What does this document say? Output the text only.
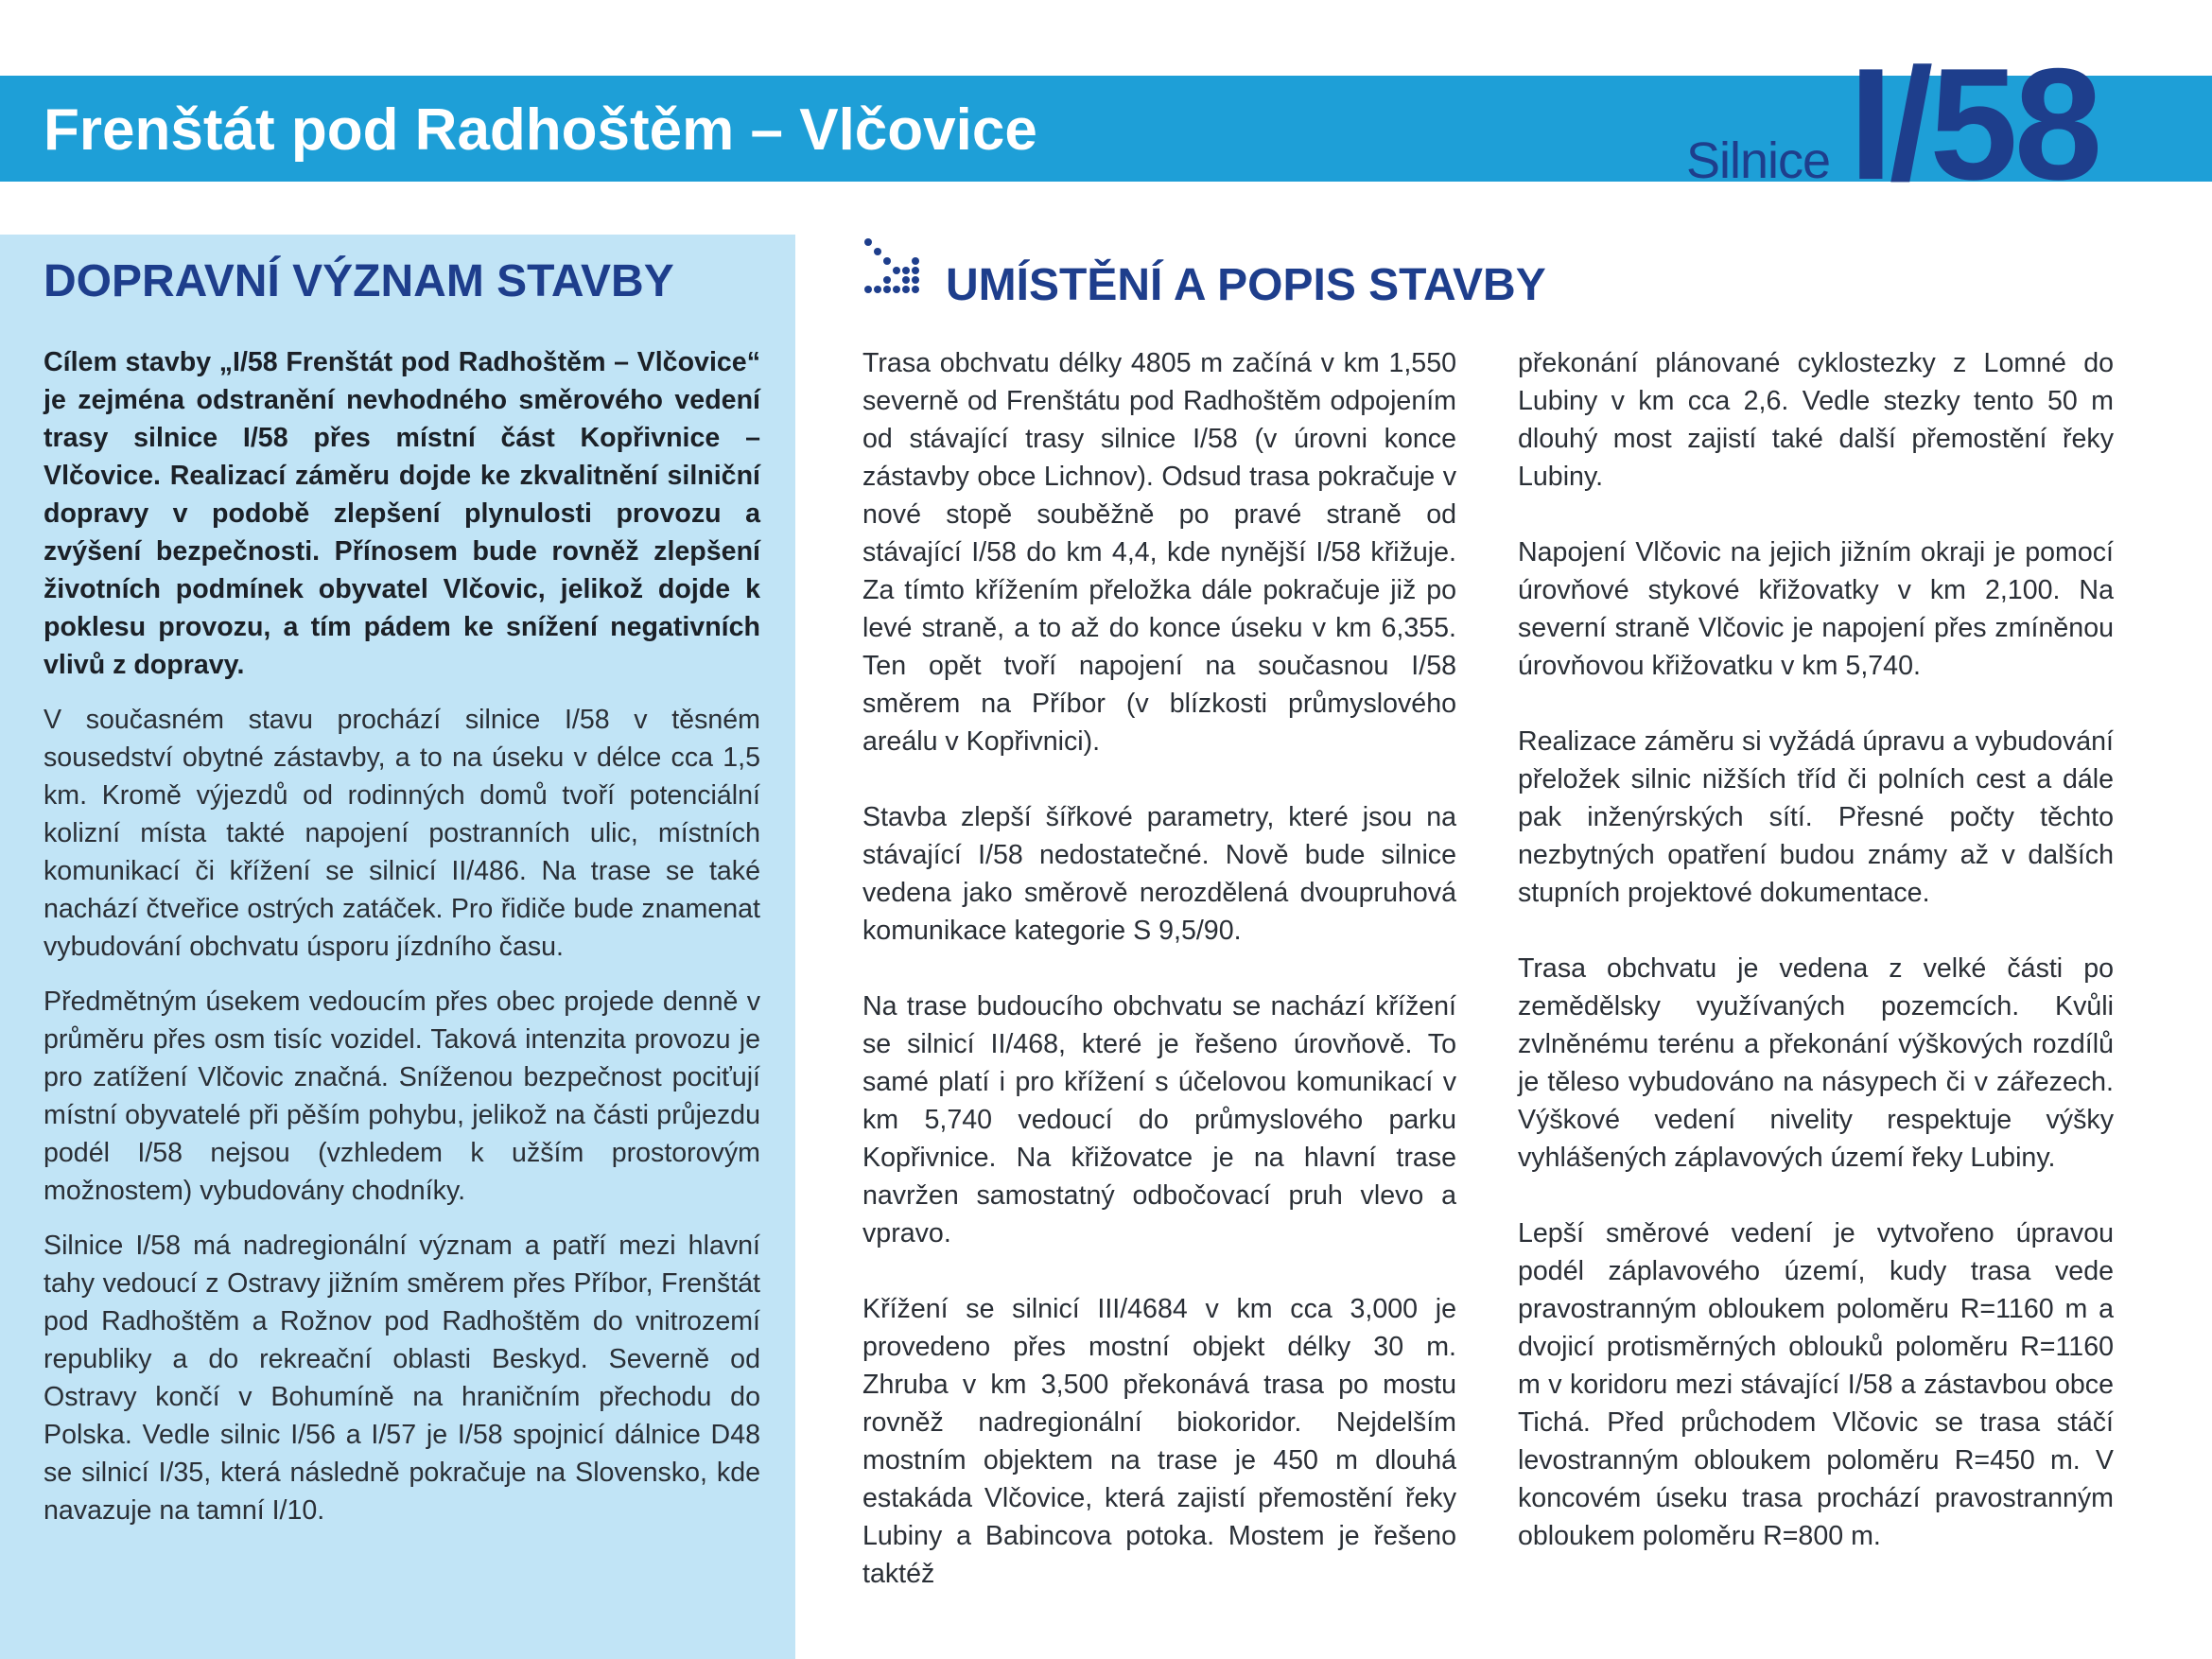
Frenštát pod Radhoštěm – Vlčovice	Silnice I/58
DOPRAVNÍ VÝZNAM STAVBY

Cílem stavby „I/58 Frenštát pod Radhoštěm – Vlčovice“ je zejména odstranění nevhodného směrového vedení trasy silnice I/58 přes místní část Kopřivnice – Vlčovice. Realizací záměru dojde ke zkvalitnění silniční dopravy v podobě zlepšení plynulosti provozu a zvýšení bezpečnosti. Přínosem bude rovněž zlepšení životních podmínek obyvatel Vlčovic, jelikož dojde k poklesu provozu, a tím pádem ke snížení negativních vlivů z dopravy.

V současném stavu prochází silnice I/58 v těsném sousedství obytné zástavby, a to na úseku v délce cca 1,5 km. Kromě výjezdů od rodinných domů tvoří potenciální kolizní místa takté napojení postranních ulic, místních komunikací či křížení se silnicí II/486. Na trase se také nachází čtveřice ostrých zatáček. Pro řidiče bude znamenat vybudování obchvatu úsporu jízdního času.

Předmětným úsekem vedoucím přes obec projede denně v průměru přes osm tisíc vozidel. Taková intenzita provozu je pro zatížení Vlčovic značná. Sníženou bezpečnost pociťují místní obyvatelé při pěším pohybu, jelikož na části průjezdu podél I/58 nejsou (vzhledem k užším prostorovým možnostem) vybudovány chodníky.

Silnice I/58 má nadregionální význam a patří mezi hlavní tahy vedoucí z Ostravy jižním směrem přes Příbor, Frenštát pod Radhoštěm a Rožnov pod Radhoštěm do vnitrozemí republiky a do rekreační oblasti Beskyd. Severně od Ostravy končí v Bohumíně na hraničním přechodu do Polska. Vedle silnic I/56 a I/57 je I/58 spojnicí dálnice D48 se silnicí I/35, která následně pokračuje na Slovensko, kde navazuje na tamní I/10.

UMÍSTĚNÍ A POPIS STAVBY

Trasa obchvatu délky 4805 m začíná v km 1,550 severně od Frenštátu pod Radhoštěm odpojením od stávající trasy silnice I/58 (v úrovni konce zástavby obce Lichnov). Odsud trasa pokračuje v nové stopě souběžně po pravé straně od stávající I/58 do km 4,4, kde nynější I/58 křižuje. Za tímto křížením přeložka dále pokračuje již po levé straně, a to až do konce úseku v km 6,355. Ten opět tvoří napojení na současnou I/58 směrem na Příbor (v blízkosti průmyslového areálu v Kopřivnici).

Stavba zlepší šířkové parametry, které jsou na stávající I/58 nedostatečné. Nově bude silnice vedena jako směrově nerozdělená dvoupruhová komunikace kategorie S 9,5/90.

Na trase budoucího obchvatu se nachází křížení se silnicí II/468, které je řešeno úrovňově. To samé platí i pro křížení s účelovou komunikací v km 5,740 vedoucí do průmyslového parku Kopřivnice. Na křižovatce je na hlavní trase navržen samostatný odbočovací pruh vlevo a vpravo.

Křížení se silnicí III/4684 v km cca 3,000 je provedeno přes mostní objekt délky 30 m. Zhruba v km 3,500 překonává trasa po mostu rovněž nadregionální biokoridor. Nejdelším mostním objektem na trase je 450 m dlouhá estakáda Vlčovice, která zajistí přemostění řeky Lubiny a Babincova potoka. Mostem je řešeno taktéž

překonání plánované cyklostezky z Lomné do Lubiny v km cca 2,6. Vedle stezky tento 50 m dlouhý most zajistí také další přemostění řeky Lubiny.

Napojení Vlčovic na jejich jižním okraji je pomocí úrovňové stykové křižovatky v km 2,100. Na severní straně Vlčovic je napojení přes zmíněnou úrovňovou křižovatku v km 5,740.

Realizace záměru si vyžádá úpravu a vybudování přeložek silnic nižších tříd či polních cest a dále pak inženýrských sítí. Přesné počty těchto nezbytných opatření budou známy až v dalších stupních projektové dokumentace.

Trasa obchvatu je vedena z velké části po zemědělsky využívaných pozemcích. Kvůli zvlněnému terénu a překonání výškových rozdílů je těleso vybudováno na násypech či v zářezech. Výškové vedení nivelity respektuje výšky vyhlášených záplavových území řeky Lubiny.

Lepší směrové vedení je vytvořeno úpravou podél záplavového území, kudy trasa vede pravostranným obloukem poloměru R=1160 m a dvojicí protisměrných oblouků poloměru R=1160 m v koridoru mezi stávající I/58 a zástavbou obce Tichá. Před průchodem Vlčovic se trasa stáčí levostranným obloukem poloměru R=450 m. V koncovém úseku trasa prochází pravostranným obloukem poloměru R=800 m.
